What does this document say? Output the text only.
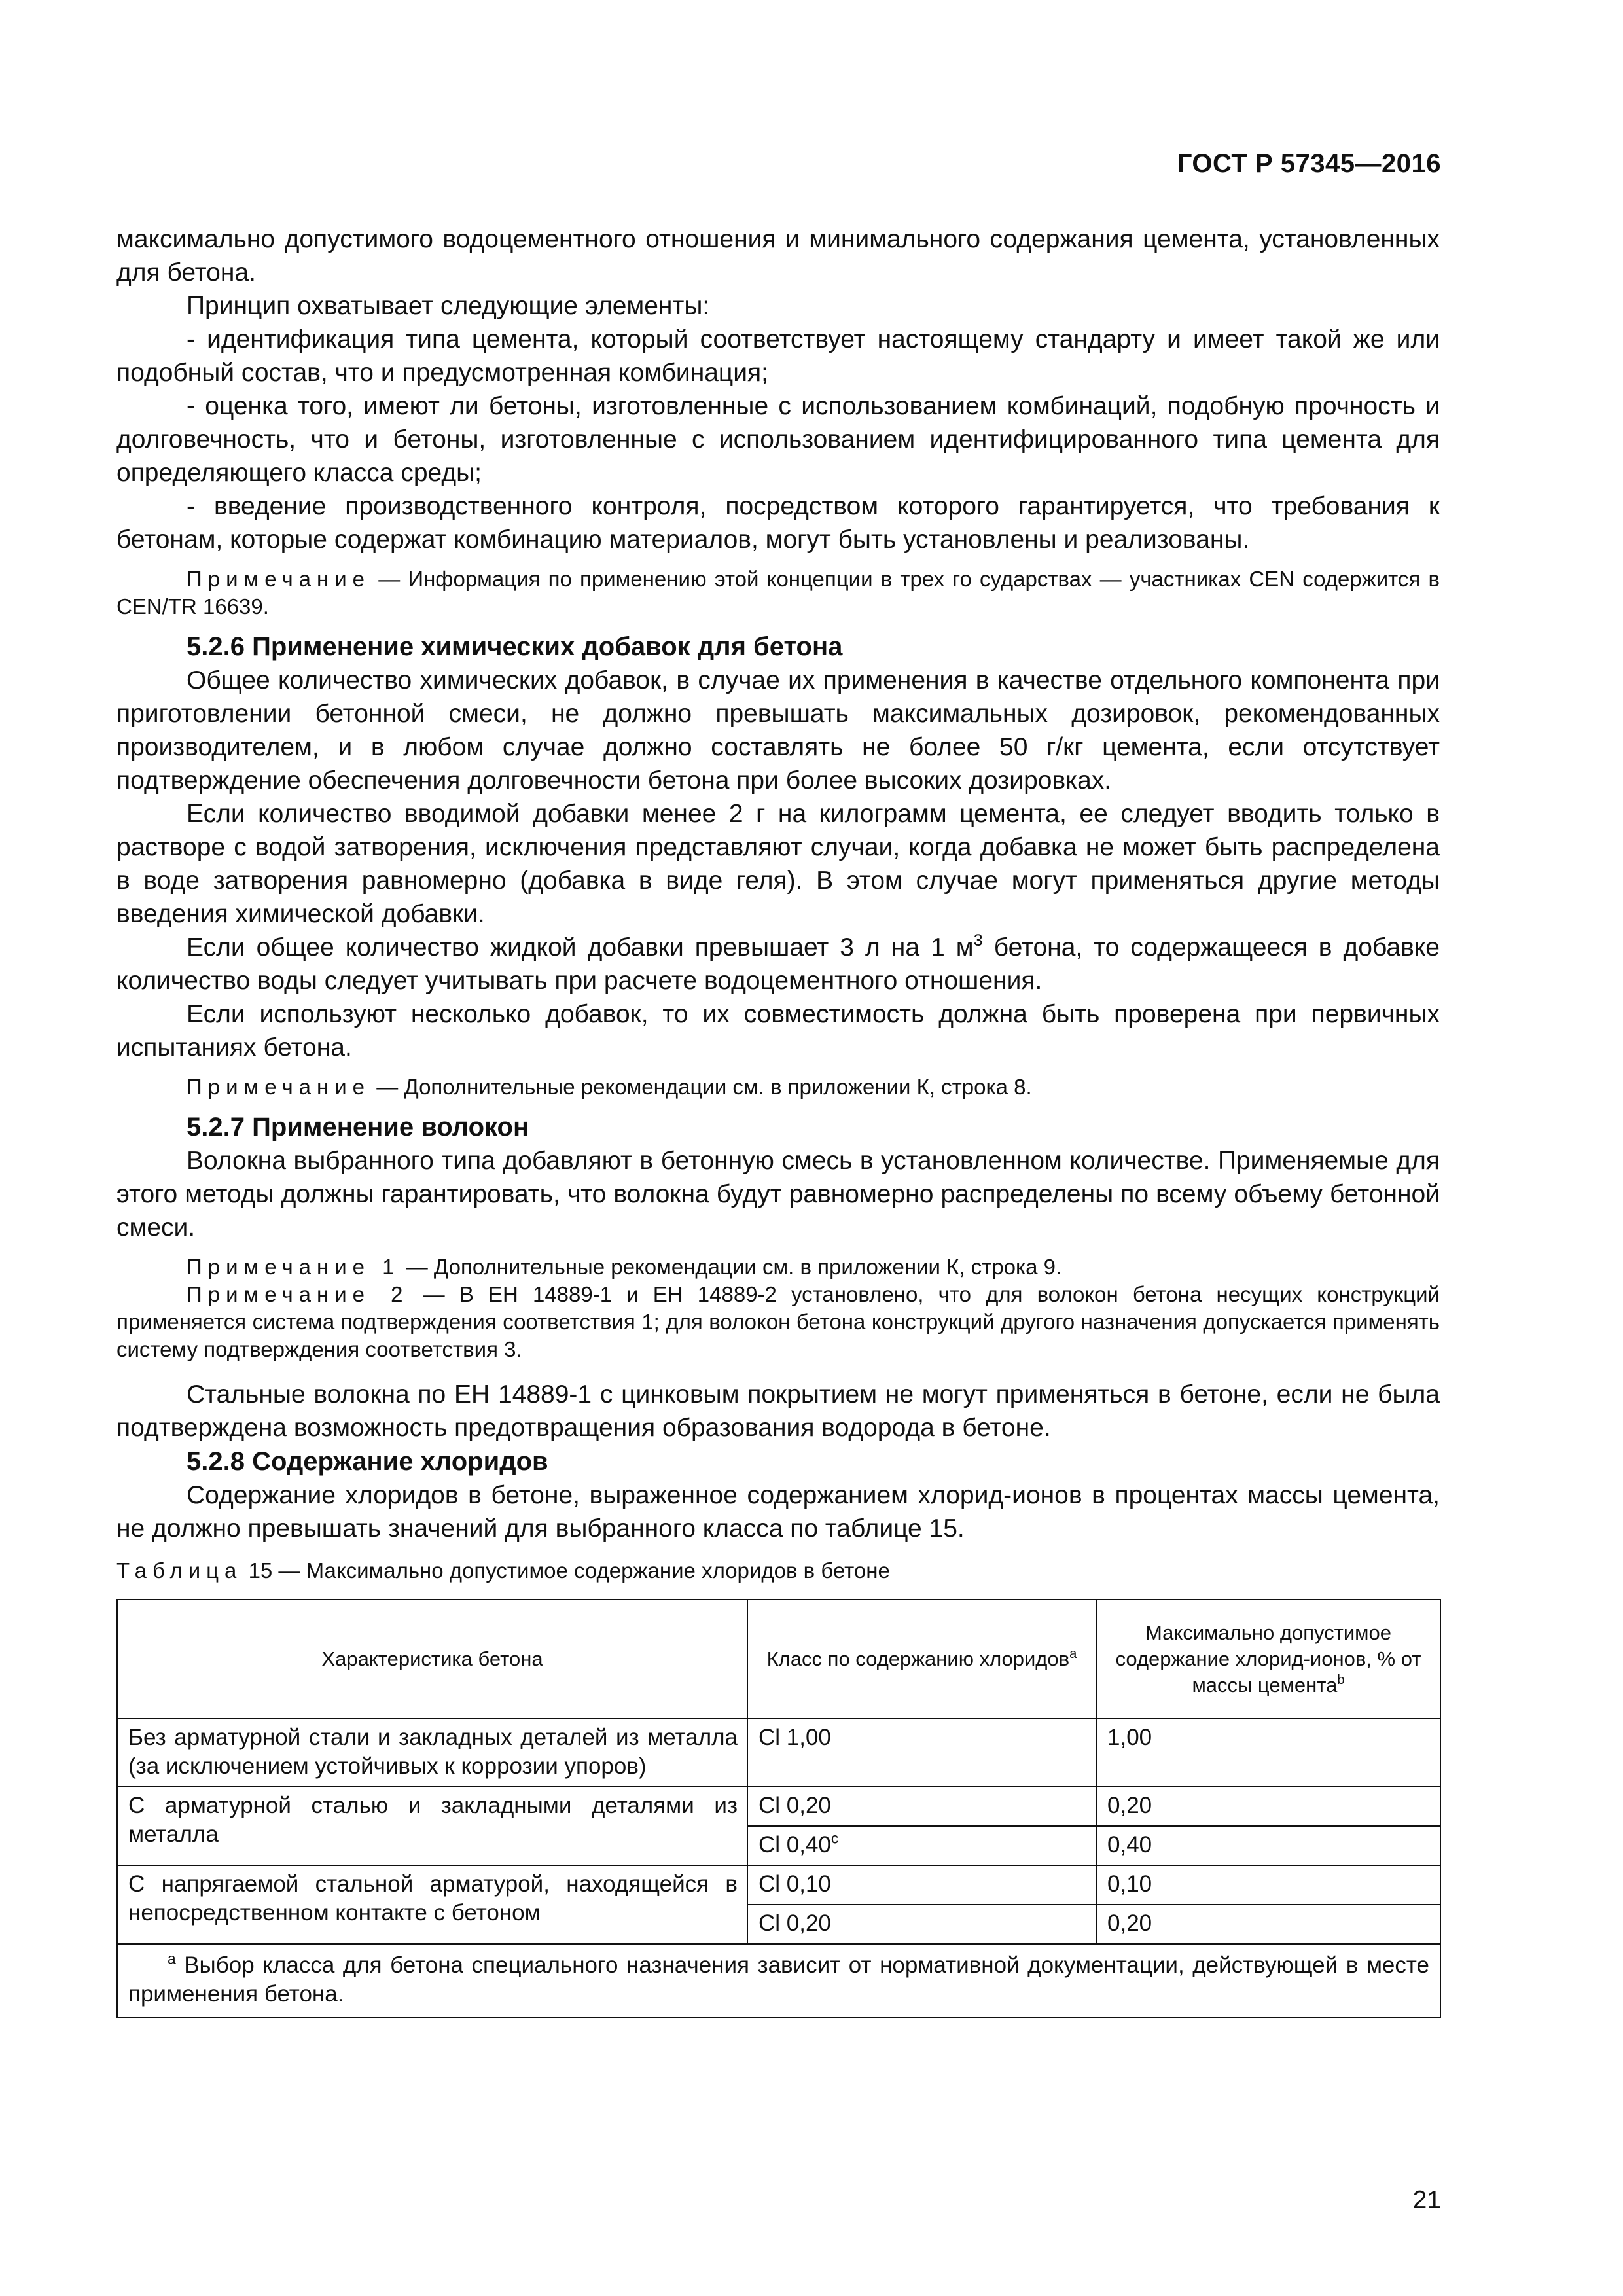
ГОСТ Р 57345—2016

максимально допустимого водоцементного отношения и минимального содержания цемента, установленных для бетона.

Принцип охватывает следующие элементы:

- идентификация типа цемента, который соответствует настоящему стандарту и имеет такой же или подобный состав, что и предусмотренная комбинация;

- оценка того, имеют ли бетоны, изготовленные с использованием комбинаций, подобную прочность и долговечность, что и бетоны, изготовленные с использованием идентифицированного типа цемента для определяющего класса среды;

- введение производственного контроля, посредством которого гарантируется, что требования к бетонам, которые содержат комбинацию материалов, могут быть установлены и реализованы.

Примечание — Информация по применению этой концепции в трех го сударствах — участниках CEN содержится в CEN/TR 16639.

5.2.6 Применение химических добавок для бетона

Общее количество химических добавок, в случае их применения в качестве отдельного компонента при приготовлении бетонной смеси, не должно превышать максимальных дозировок, рекомендованных производителем, и в любом случае должно составлять не более 50 г/кг цемента, если отсутствует подтверждение обеспечения долговечности бетона при более высоких дозировках.

Если количество вводимой добавки менее 2 г на килограмм цемента, ее следует вводить только в растворе с водой затворения, исключения представляют случаи, когда добавка не может быть распределена в воде затворения равномерно (добавка в виде геля). В этом случае могут применяться другие методы введения химической добавки.

Если общее количество жидкой добавки превышает 3 л на 1 $м^3$ бетона, то содержащееся в добавке количество воды следует учитывать при расчете водоцементного отношения.

Если используют несколько добавок, то их совместимость должна быть проверена при первичных испытаниях бетона.

Примечание — Дополнительные рекомендации см. в приложении К, строка 8.

5.2.7 Применение волокон

Волокна выбранного типа добавляют в бетонную смесь в установленном количестве. Применяемые для этого методы должны гарантировать, что волокна будут равномерно распределены по всему объему бетонной смеси.

Примечание 1 — Дополнительные рекомендации см. в приложении К, строка 9.

Примечание 2 — В ЕН 14889-1 и ЕН 14889-2 установлено, что для волокон бетона несущих конструкций применяется система подтверждения соответствия 1; для волокон бетона конструкций другого назначения допускается применять систему подтверждения соответствия 3.

Стальные волокна по ЕН 14889-1 с цинковым покрытием не могут применяться в бетоне, если не была подтверждена возможность предотвращения образования водорода в бетоне.

5.2.8 Содержание хлоридов

Содержание хлоридов в бетоне, выраженное содержанием хлорид-ионов в процентах массы цемента, не должно превышать значений для выбранного класса по таблице 15.

Таблица 15 — Максимально допустимое содержание хлоридов в бетоне

Характеристика бетона	Класс по содержанию хлоридов$^а$	Максимально допустимое содержание хлорид-ионов, % от массы цемента$^b$
Без арматурной стали и закладных деталей из металла (за исключением устойчивых к коррозии упоров)	Cl 1,00	1,00
С арматурной сталью и закладными деталями из металла	Cl 0,20	0,20
	Cl 0,40$^c$	0,40
С напрягаемой стальной арматурой, находящейся в непосредственном контакте с бетоном	Cl 0,10	0,10
	Cl 0,20	0,20
$^a$ Выбор класса для бетона специального назначения зависит от нормативной документации, действующей в месте применения бетона.		
21
